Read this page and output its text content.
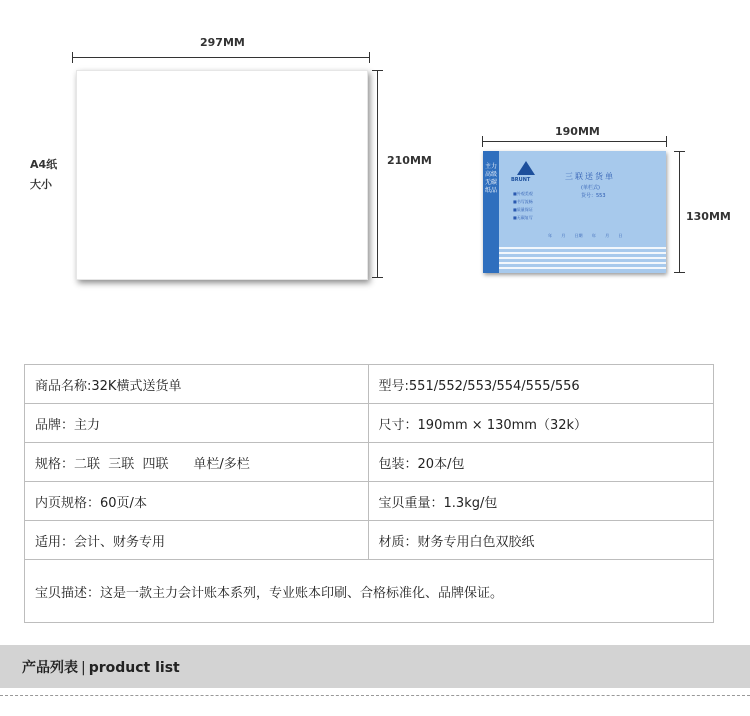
297MM
210MM
A4纸
大小
190MM
主力高级无碳纸品
BRUNT	三联送货单
(单栏式)
货号：553
■外观美观
■书写流畅
■质量保证
■无碳复写
年 月 日期 年 月 日
130MM
商品名称:32K横式送货单	型号:551/552/553/554/555/556
品牌：主力	尺寸：190mm × 130mm（32k）
规格：二联  三联  四联      单栏/多栏	包装：20本/包
内页规格：60页/本	宝贝重量：1.3kg/包
适用：会计、财务专用	材质：财务专用白色双胶纸
宝贝描述：这是一款主力会计账本系列，专业账本印刷、合格标准化、品牌保证。	
产品列表 | product list
